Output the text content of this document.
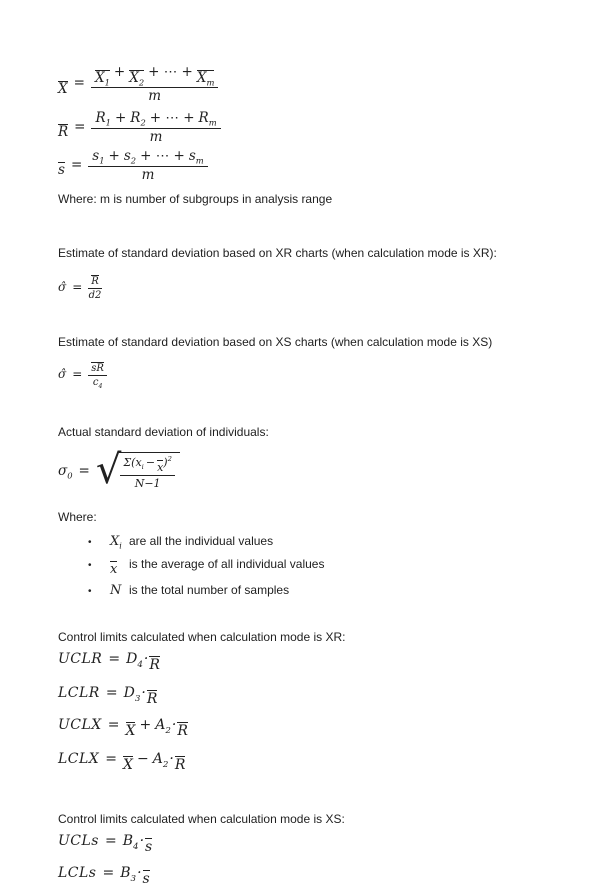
$X = X_1$
+ $X_2$
+ ⋯ + $X_m$
m
$R = \frac{R_1 + R_2 + \cdots + R_m}{m}$
$s = \frac{s_1 + s_2 + \cdots + s_m}{m}$
Where: m is number of subgroups in analysis range
Estimate of standard deviation based on XR charts (when calculation mode is XR):
σ̂ = $\frac{R}{d2}$
Estimate of standard deviation based on XS charts (when calculation mode is XS)
σ̂ = $\frac{sR}{c_4}$
Actual standard deviation of individuals:
$\sigma_0$ = √ $\frac{\Sigma(x_i - x )^2}{N-1}$
Where:
•	$X_i$ are all the individual values
•	x is the average of all individual values
•	N is the total number of samples
Control limits calculated when calculation mode is XR:
UCLR = $D_4\cdot R$
LCLR = $D_3\cdot R$
UCLX = $X + A_2\cdot R$
LCLX = $X - A_2\cdot R$
Control limits calculated when calculation mode is XS:
UCLs = $B_4\cdot s$
LCLs = $B_3\cdot s$
